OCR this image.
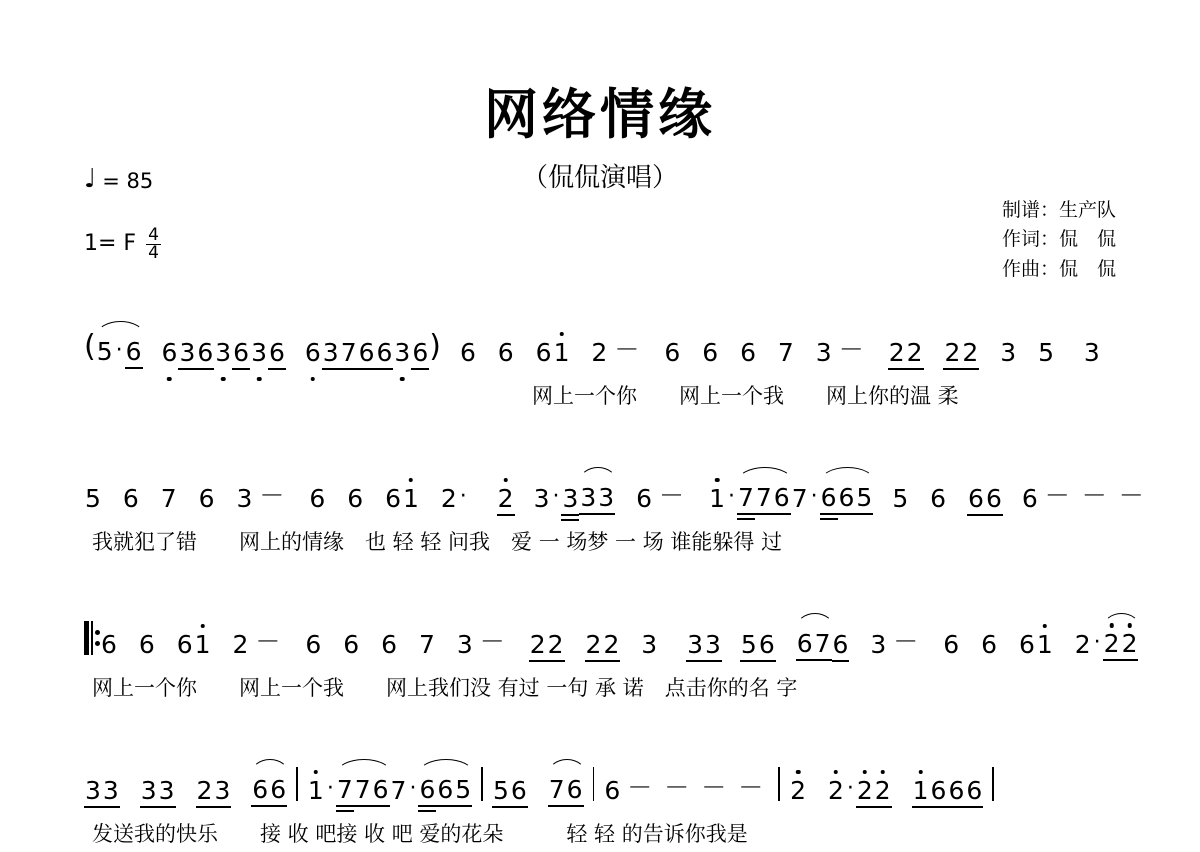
网络情缘
（侃侃演唱）
♩ = 85
1= F $\frac{4}{4}$
制谱：生产队
作词：侃　侃
作曲：侃　侃
( 5 · 6 6 3 6 3 6 3 6 6 3 7 6 6 3 6 ) 6
6
6 1
2 － 6
6
6
7
3 － 2 2
2 2
3
5
3
网上一个你　　网上一个我　　网上你的温 柔
5
6
7
6
3 － 6
6
6 1
2 ·
2 3 · 3 33
6 － 1 · 776 7 · 665 5
6
6 6 6 － － －
我就犯了错　　网上的情缘　也 轻 轻 问我　爱 一 场梦 一 场 谁能躲得 过
6
6
6 1
2 － 6
6
6
7
3 － 2 2
2 2
3
3 3 5 6
67 6
3 － 6
6
6 1
2 · 22
网上一个你　　网上一个我　　网上我们没 有过 一句 承 诺　点击你的名 字
3 3
3 3
2 3
66 1 · 776 7 · 665 5 6
76 6 － － － － 2
2 · 2 2
1 6 6 6
发送我的快乐　　接 收 吧接 收 吧 爱的花朵　　　轻 轻 的告诉你我是
